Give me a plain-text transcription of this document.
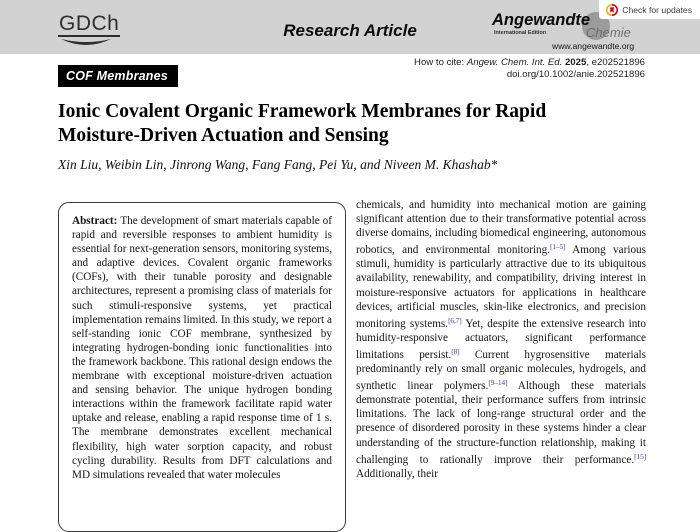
GDCh	Research Article
Angewandte
International Edition	Chemie
www.angewandte.org
Check for updates
How to cite: Angew. Chem. Int. Ed. 2025, e202521896
doi.org/10.1002/anie.202521896
COF Membranes
Ionic Covalent Organic Framework Membranes for Rapid Moisture-Driven Actuation and Sensing
Xin Liu, Weibin Lin, Jinrong Wang, Fang Fang, Pei Yu, and Niveen M. Khashab*
Abstract: The development of smart materials capable of rapid and reversible responses to ambient humidity is essential for next-generation sensors, monitoring systems, and adaptive devices. Covalent organic frameworks (COFs), with their tunable porosity and designable architectures, represent a promising class of materials for such stimuli-responsive systems, yet practical implementation remains limited. In this study, we report a self-standing ionic COF membrane, synthesized by integrating hydrogen-bonding ionic functionalities into the framework backbone. This rational design endows the membrane with exceptional moisture-driven actuation and sensing behavior. The unique hydrogen bonding interactions within the framework facilitate rapid water uptake and release, enabling a rapid response time of 1 s. The membrane demonstrates excellent mechanical flexibility, high water sorption capacity, and robust cycling durability. Results from DFT calculations and MD simulations revealed that water molecules
chemicals, and humidity into mechanical motion are gaining significant attention due to their transformative potential across diverse domains, including biomedical engineering, autonomous robotics, and environmental monitoring.[1–5] Among various stimuli, humidity is particularly attractive due to its ubiquitous availability, renewability, and compatibility, driving interest in moisture-responsive actuators for applications in healthcare devices, artificial muscles, skin-like electronics, and precision monitoring systems.[6,7] Yet, despite the extensive research into humidity-responsive actuators, significant performance limitations persist.[8] Current hygrosensitive materials predominantly rely on small organic molecules, hydrogels, and synthetic linear polymers.[9–14] Although these materials demonstrate potential, their performance suffers from intrinsic limitations. The lack of long-range structural order and the presence of disordered porosity in these systems hinder a clear understanding of the structure-function relationship, making it challenging to rationally improve their performance.[15] Additionally, their
